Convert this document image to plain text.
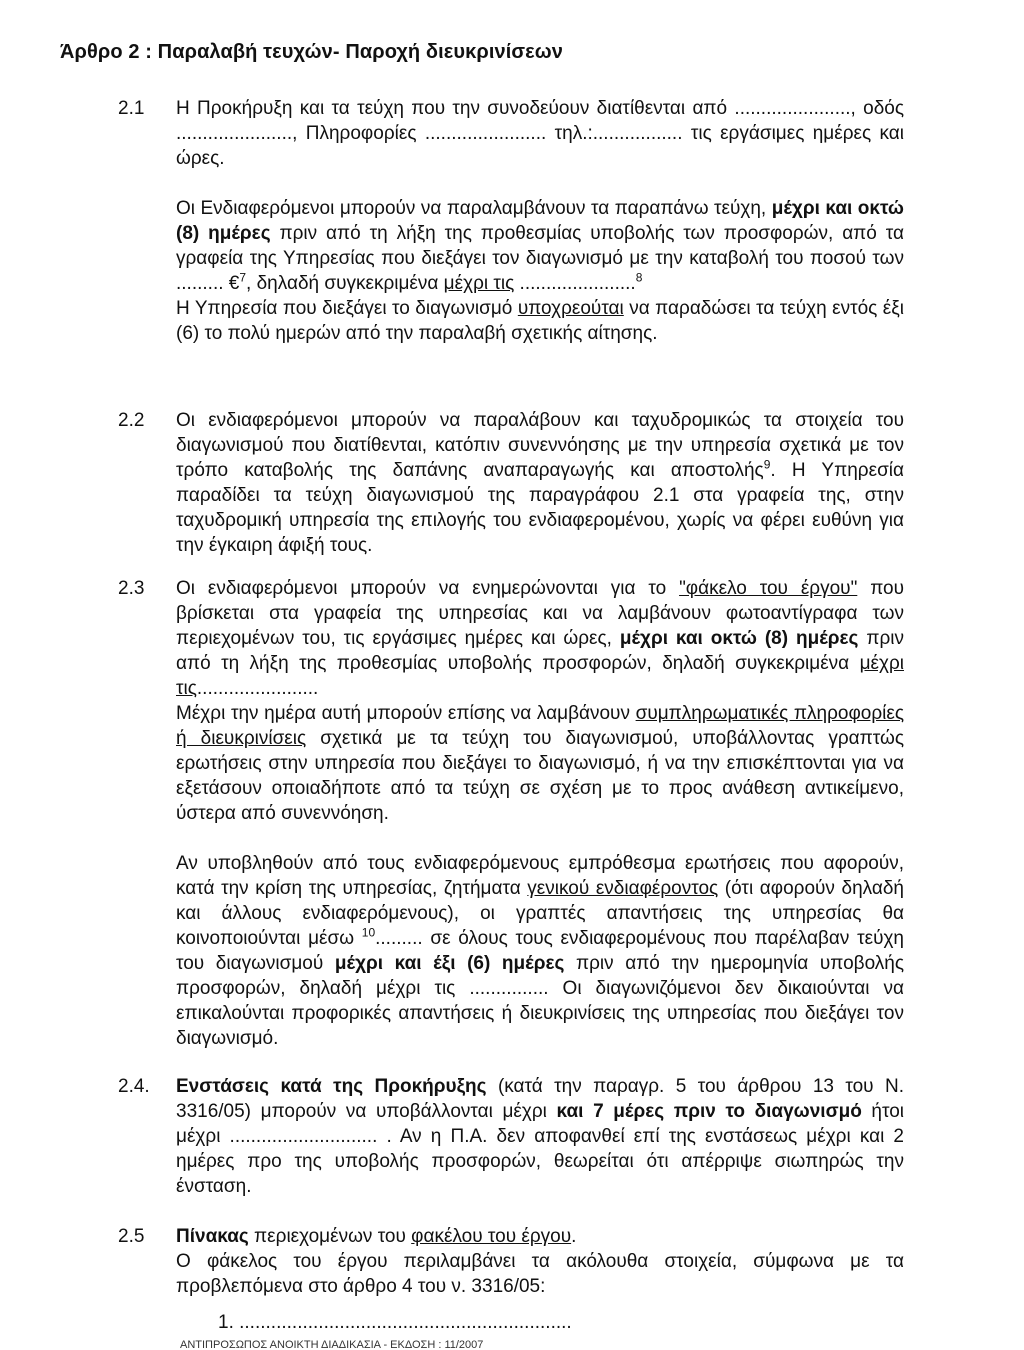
Άρθρο 2 : Παραλαβή τευχών- Παροχή διευκρινίσεων
2.1 Η Προκήρυξη και τα τεύχη που την συνοδεύουν διατίθενται από ......................, οδός ......................, Πληροφορίες ....................... τηλ.:................. τις εργάσιμες ημέρες και ώρες.

Οι Ενδιαφερόμενοι μπορούν να παραλαμβάνουν τα παραπάνω τεύχη, μέχρι και οκτώ (8) ημέρες πριν από τη λήξη της προθεσμίας υποβολής των προσφορών, από τα γραφεία της Υπηρεσίας που διεξάγει τον διαγωνισμό με την καταβολή του ποσού των ......... €$^7$, δηλαδή συγκεκριμένα μέχρι τις ......................$^8$

Η Υπηρεσία που διεξάγει το διαγωνισμό υποχρεούται να παραδώσει τα τεύχη εντός έξι (6) το πολύ ημερών από την παραλαβή σχετικής αίτησης.

2.2 Οι ενδιαφερόμενοι μπορούν να παραλάβουν και ταχυδρομικώς τα στοιχεία του διαγωνισμού που διατίθενται, κατόπιν συνεννόησης με την υπηρεσία σχετικά με τον τρόπο καταβολής της δαπάνης αναπαραγωγής και αποστολής$^9$. Η Υπηρεσία παραδίδει τα τεύχη διαγωνισμού της παραγράφου 2.1 στα γραφεία της, στην ταχυδρομική υπηρεσία της επιλογής του ενδιαφερομένου, χωρίς να φέρει ευθύνη για την έγκαιρη άφιξή τους.

2.3 Οι ενδιαφερόμενοι μπορούν να ενημερώνονται για το "φάκελο του έργου" που βρίσκεται στα γραφεία της υπηρεσίας και να λαμβάνουν φωτοαντίγραφα των περιεχομένων του, τις εργάσιμες ημέρες και ώρες, μέχρι και οκτώ (8) ημέρες πριν από τη λήξη της προθεσμίας υποβολής προσφορών, δηλαδή συγκεκριμένα μέχρι τις.......................

Μέχρι την ημέρα αυτή μπορούν επίσης να λαμβάνουν συμπληρωματικές πληροφορίες ή διευκρινίσεις σχετικά με τα τεύχη του διαγωνισμού, υποβάλλοντας γραπτώς ερωτήσεις στην υπηρεσία που διεξάγει το διαγωνισμό, ή να την επισκέπτονται για να εξετάσουν οποιαδήποτε από τα τεύχη σε σχέση με το προς ανάθεση αντικείμενο, ύστερα από συνεννόηση.

Αν υποβληθούν από τους ενδιαφερόμενους εμπρόθεσμα ερωτήσεις που αφορούν, κατά την κρίση της υπηρεσίας, ζητήματα γενικού ενδιαφέροντος (ότι αφορούν δηλαδή και άλλους ενδιαφερόμενους), οι γραπτές απαντήσεις της υπηρεσίας θα κοινοποιούνται μέσω $^{10}$......... σε όλους τους ενδιαφερομένους που παρέλαβαν τεύχη του διαγωνισμού μέχρι και έξι (6) ημέρες πριν από την ημερομηνία υποβολής προσφορών, δηλαδή μέχρι τις ............... Οι διαγωνιζόμενοι δεν δικαιούνται να επικαλούνται προφορικές απαντήσεις ή διευκρινίσεις της υπηρεσίας που διεξάγει τον διαγωνισμό.

2.4. Ενστάσεις κατά της Προκήρυξης (κατά την παραγρ. 5 του άρθρου 13 του Ν. 3316/05) μπορούν να υποβάλλονται μέχρι και 7 μέρες πριν το διαγωνισμό ήτοι μέχρι ............................ . Αν η Π.Α. δεν αποφανθεί επί της ενστάσεως μέχρι και 2 ημέρες προ της υποβολής προσφορών, θεωρείται ότι απέρριψε σιωπηρώς την ένσταση.

2.5 Πίνακας περιεχομένων του φακέλου του έργου.

Ο φάκελος του έργου περιλαμβάνει τα ακόλουθα στοιχεία, σύμφωνα με τα προβλεπόμενα στο άρθρο 4 του ν. 3316/05:

1. ...............................................................
ΑΝΤΙΠΡΟΣΩΠΟΣ ΑΝΟΙΚΤΗ ΔΙΑΔΙΚΑΣΙΑ - ΕΚΔΟΣΗ : 11/2007
